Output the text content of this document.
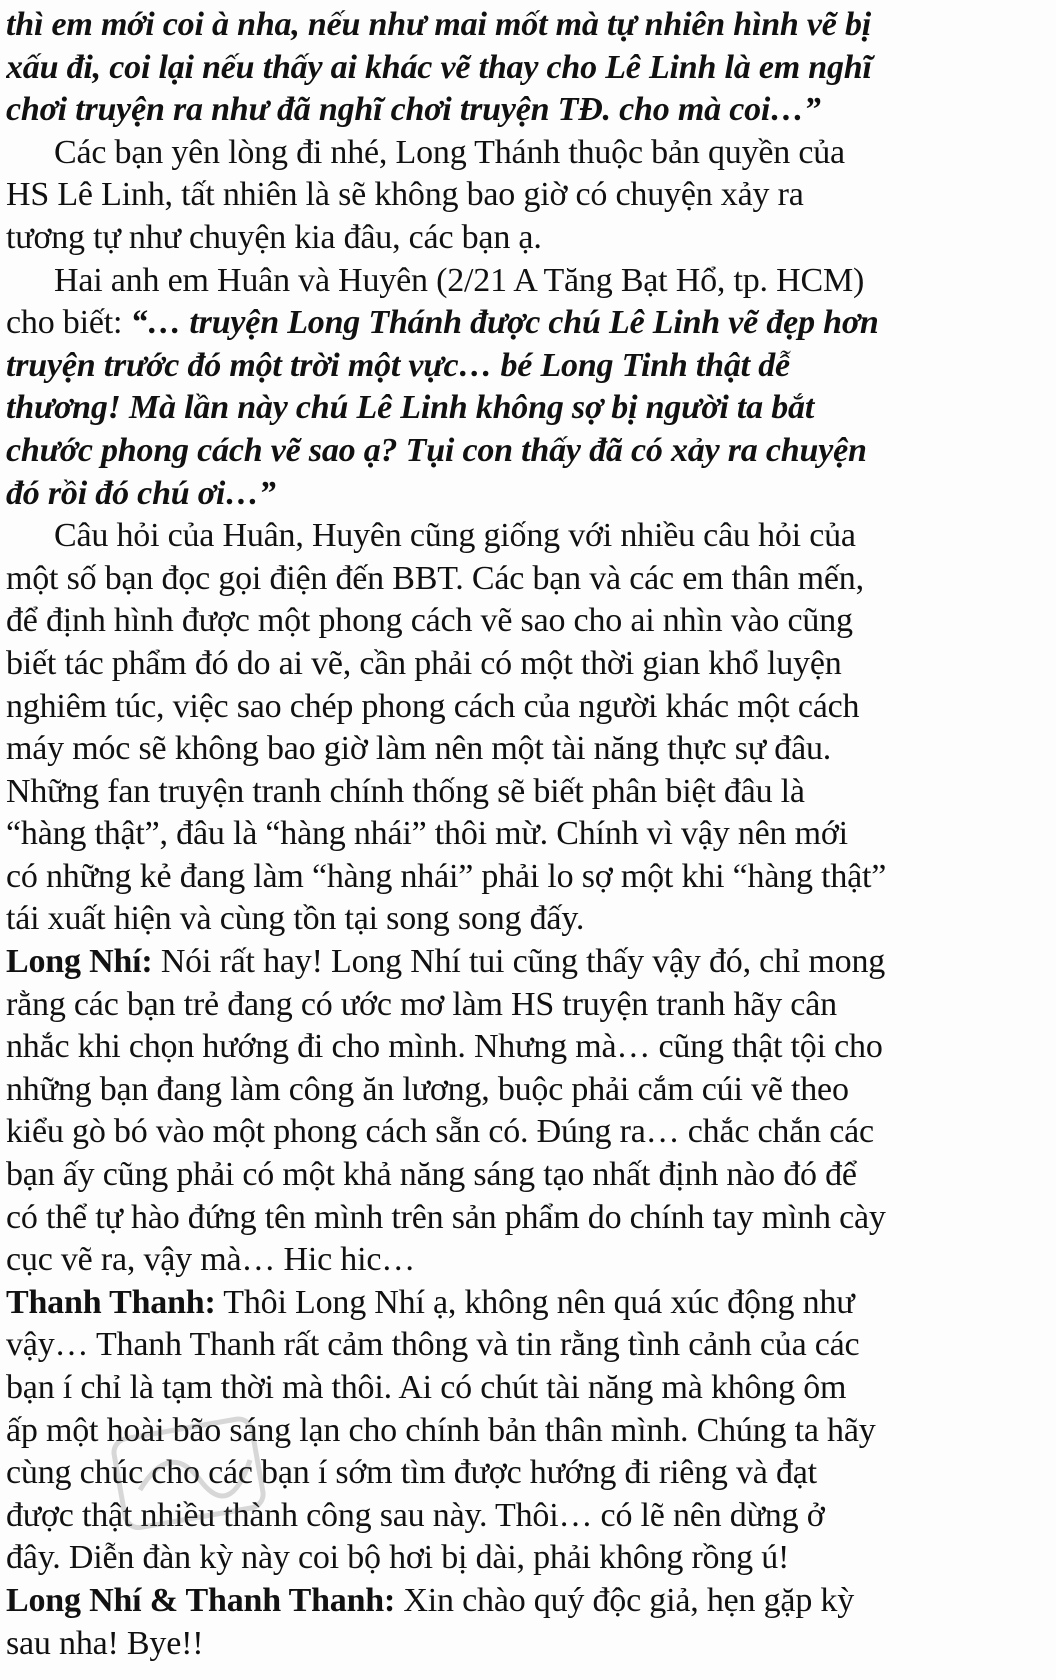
thì em mới coi à nha, nếu như mai mốt mà tự nhiên hình vẽ bị
xấu đi, coi lại nếu thấy ai khác vẽ thay cho Lê Linh là em nghĩ
chơi truyện ra như đã nghĩ chơi truyện TĐ. cho mà coi…”
Các bạn yên lòng đi nhé, Long Thánh thuộc bản quyền của
HS Lê Linh, tất nhiên là sẽ không bao giờ có chuyện xảy ra
tương tự như chuyện kia đâu, các bạn ạ.
Hai anh em Huân và Huyên (2/21 A Tăng Bạt Hổ, tp. HCM)
cho biết: “… truyện Long Thánh được chú Lê Linh vẽ đẹp hơn
truyện trước đó một trời một vực… bé Long Tinh thật dễ
thương! Mà lần này chú Lê Linh không sợ bị người ta bắt
chước phong cách vẽ sao ạ? Tụi con thấy đã có xảy ra chuyện
đó rồi đó chú ơi…”
Câu hỏi của Huân, Huyên cũng giống với nhiều câu hỏi của
một số bạn đọc gọi điện đến BBT. Các bạn và các em thân mến,
để định hình được một phong cách vẽ sao cho ai nhìn vào cũng
biết tác phẩm đó do ai vẽ, cần phải có một thời gian khổ luyện
nghiêm túc, việc sao chép phong cách của người khác một cách
máy móc sẽ không bao giờ làm nên một tài năng thực sự đâu.
Những fan truyện tranh chính thống sẽ biết phân biệt đâu là
“hàng thật”, đâu là “hàng nhái” thôi mừ. Chính vì vậy nên mới
có những kẻ đang làm “hàng nhái” phải lo sợ một khi “hàng thật”
tái xuất hiện và cùng tồn tại song song đấy.
Long Nhí: Nói rất hay! Long Nhí tui cũng thấy vậy đó, chỉ mong
rằng các bạn trẻ đang có ước mơ làm HS truyện tranh hãy cân
nhắc khi chọn hướng đi cho mình. Nhưng mà… cũng thật tội cho
những bạn đang làm công ăn lương, buộc phải cắm cúi vẽ theo
kiểu gò bó vào một phong cách sẵn có. Đúng ra… chắc chắn các
bạn ấy cũng phải có một khả năng sáng tạo nhất định nào đó để
có thể tự hào đứng tên mình trên sản phẩm do chính tay mình cày
cục vẽ ra, vậy mà… Hic hic…
Thanh Thanh: Thôi Long Nhí ạ, không nên quá xúc động như
vậy… Thanh Thanh rất cảm thông và tin rằng tình cảnh của các
bạn í chỉ là tạm thời mà thôi. Ai có chút tài năng mà không ôm
ấp một hoài bão sáng lạn cho chính bản thân mình. Chúng ta hãy
cùng chúc cho các bạn í sớm tìm được hướng đi riêng và đạt
được thật nhiều thành công sau này. Thôi… có lẽ nên dừng ở
đây. Diễn đàn kỳ này coi bộ hơi bị dài, phải không rồng ú!
Long Nhí & Thanh Thanh: Xin chào quý độc giả, hẹn gặp kỳ
sau nha! Bye!!
